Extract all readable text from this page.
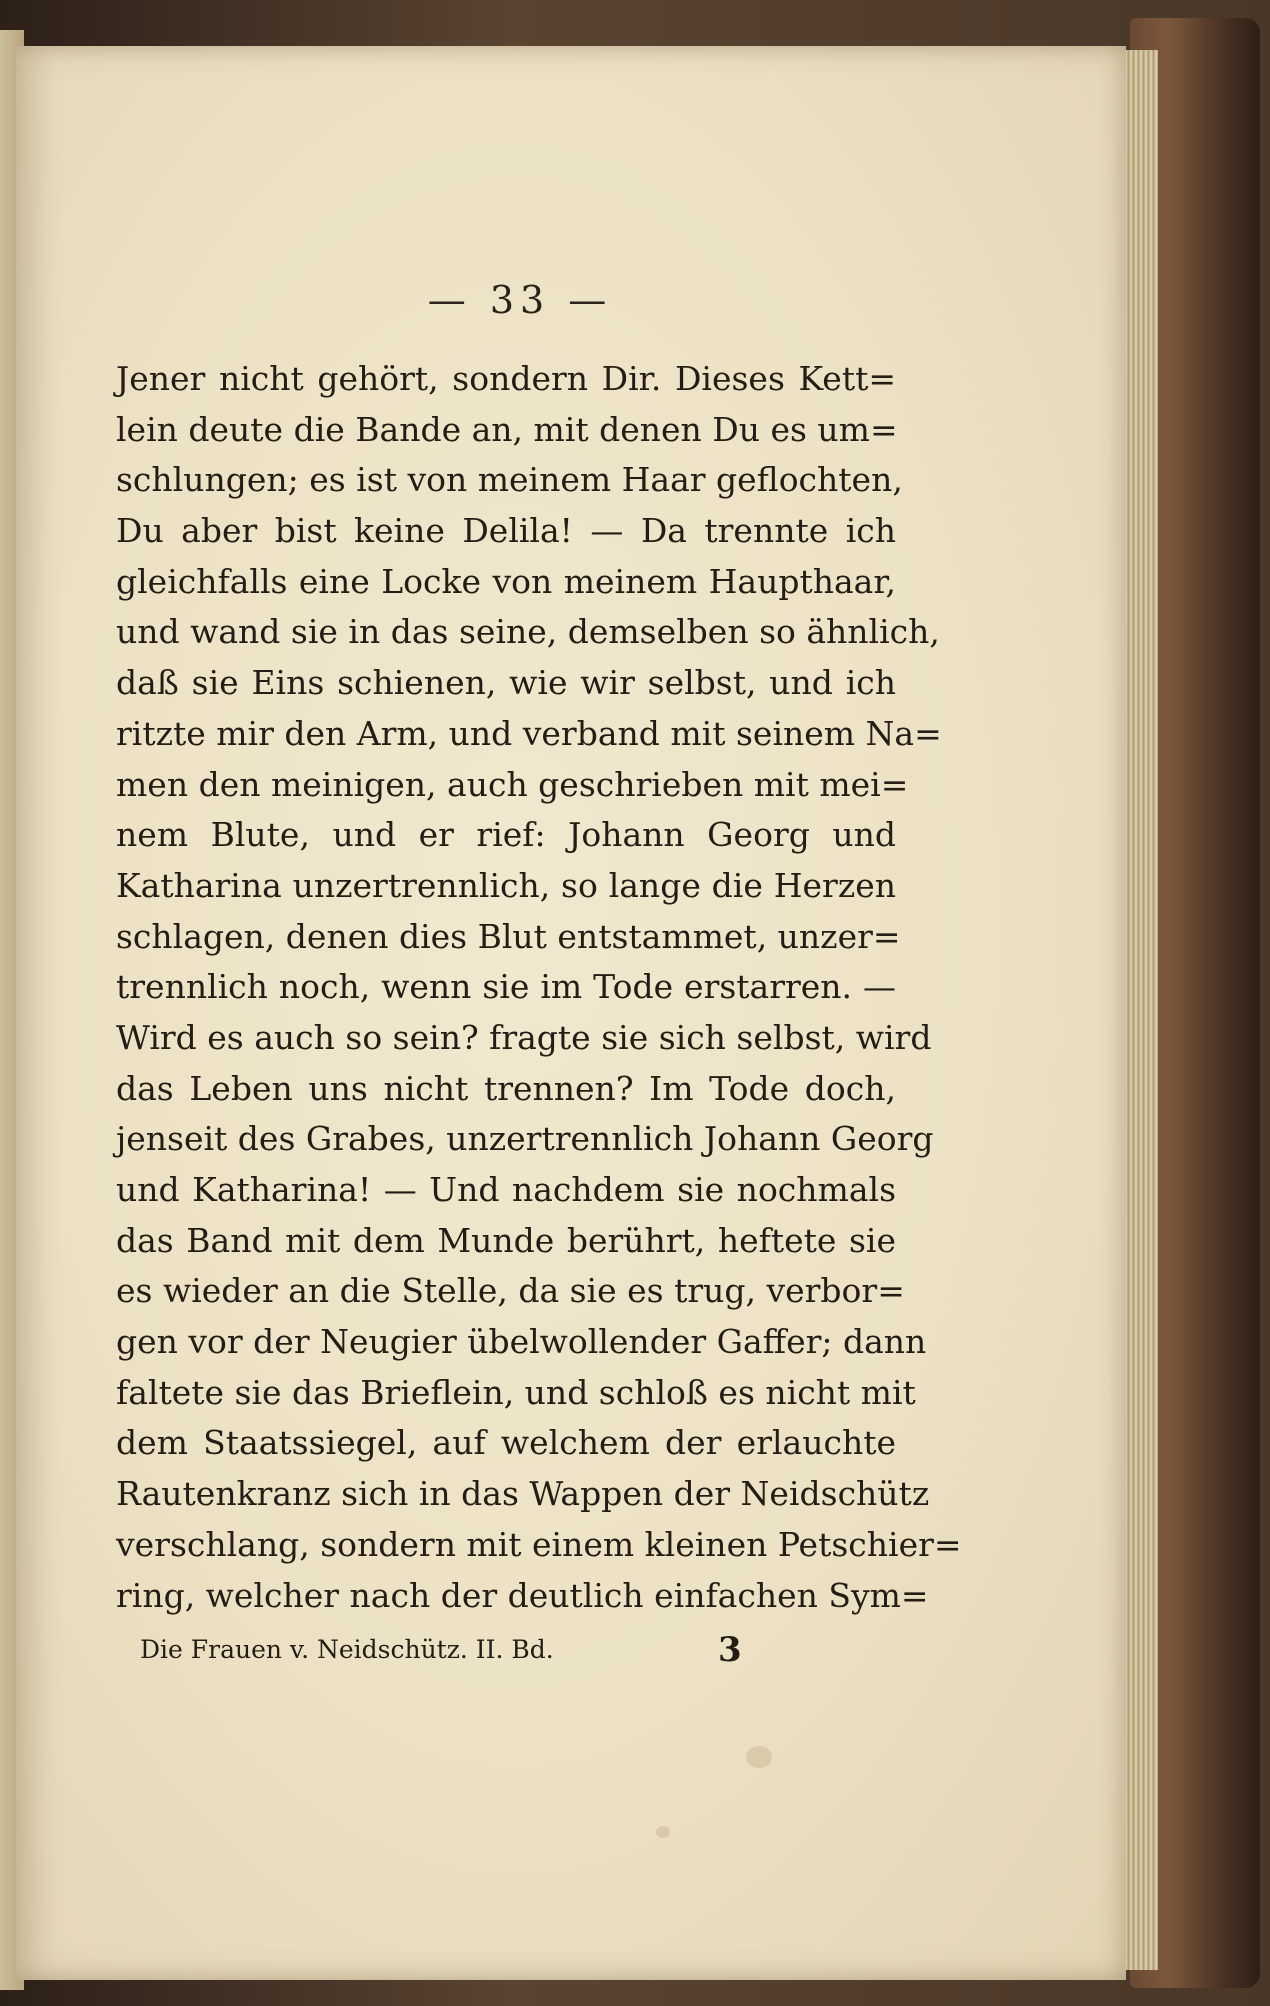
— 33 —
Jener nicht gehört, sondern Dir. Dieses Kett=
lein deute die Bande an, mit denen Du es um=
schlungen; es ist von meinem Haar geflochten,
Du aber bist keine Delila! — Da trennte ich
gleichfalls eine Locke von meinem Haupthaar,
und wand sie in das seine, demselben so ähnlich,
daß sie Eins schienen, wie wir selbst, und ich
ritzte mir den Arm, und verband mit seinem Na=
men den meinigen, auch geschrieben mit mei=
nem Blute, und er rief: Johann Georg und
Katharina unzertrennlich, so lange die Herzen
schlagen, denen dies Blut entstammet, unzer=
trennlich noch, wenn sie im Tode erstarren. —
Wird es auch so sein? fragte sie sich selbst, wird
das Leben uns nicht trennen? Im Tode doch,
jenseit des Grabes, unzertrennlich Johann Georg
und Katharina! — Und nachdem sie nochmals
das Band mit dem Munde berührt, heftete sie
es wieder an die Stelle, da sie es trug, verbor=
gen vor der Neugier übelwollender Gaffer; dann
faltete sie das Brieflein, und schloß es nicht mit
dem Staatssiegel, auf welchem der erlauchte
Rautenkranz sich in das Wappen der Neidschütz
verschlang, sondern mit einem kleinen Petschier=
ring, welcher nach der deutlich einfachen Sym=
Die Frauen v. Neidschütz. II. Bd.	3
